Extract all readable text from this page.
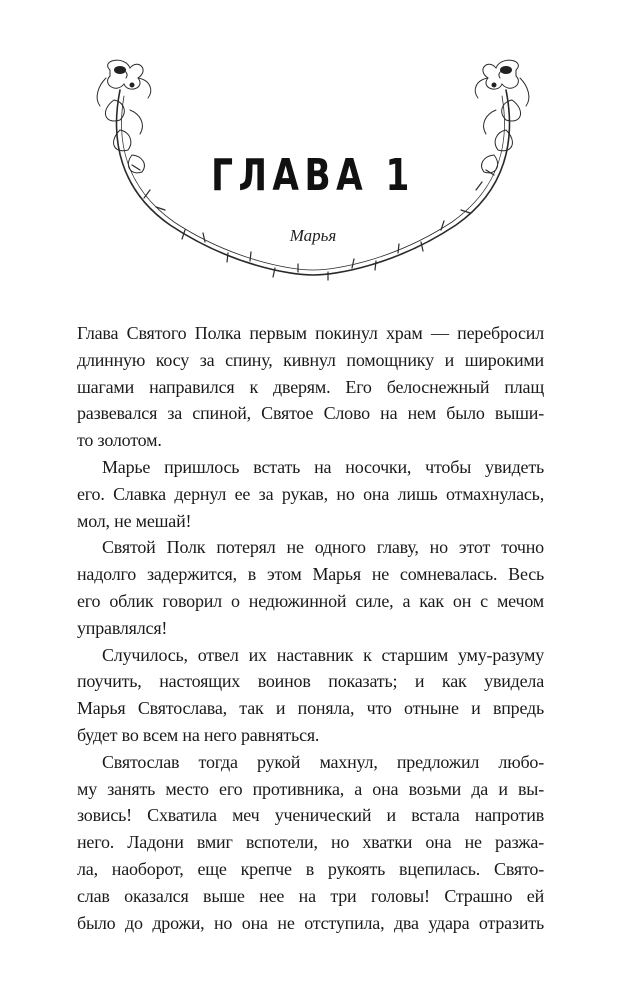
ГЛАВА 1
Марья
Глава Святого Полка первым покинул храм — перебросил
длинную косу за спину, кивнул помощнику и широкими
шагами направился к дверям. Его белоснежный плащ
развевался за спиной, Святое Слово на нем было выши-
то золотом.
Марье пришлось встать на носочки, чтобы увидеть
его. Славка дернул ее за рукав, но она лишь отмахнулась,
мол, не мешай!
Святой Полк потерял не одного главу, но этот точно
надолго задержится, в этом Марья не сомневалась. Весь
его облик говорил о недюжинной силе, а как он с мечом
управлялся!
Случилось, отвел их наставник к старшим уму-разуму
поучить, настоящих воинов показать; и как увидела
Марья Святослава, так и поняла, что отныне и впредь
будет во всем на него равняться.
Святослав тогда рукой махнул, предложил любо-
му занять место его противника, а она возьми да и вы-
зовись! Схватила меч ученический и встала напротив
него. Ладони вмиг вспотели, но хватки она не разжа-
ла, наоборот, еще крепче в рукоять вцепилась. Свято-
слав оказался выше нее на три головы! Страшно ей
было до дрожи, но она не отступила, два удара отразить
